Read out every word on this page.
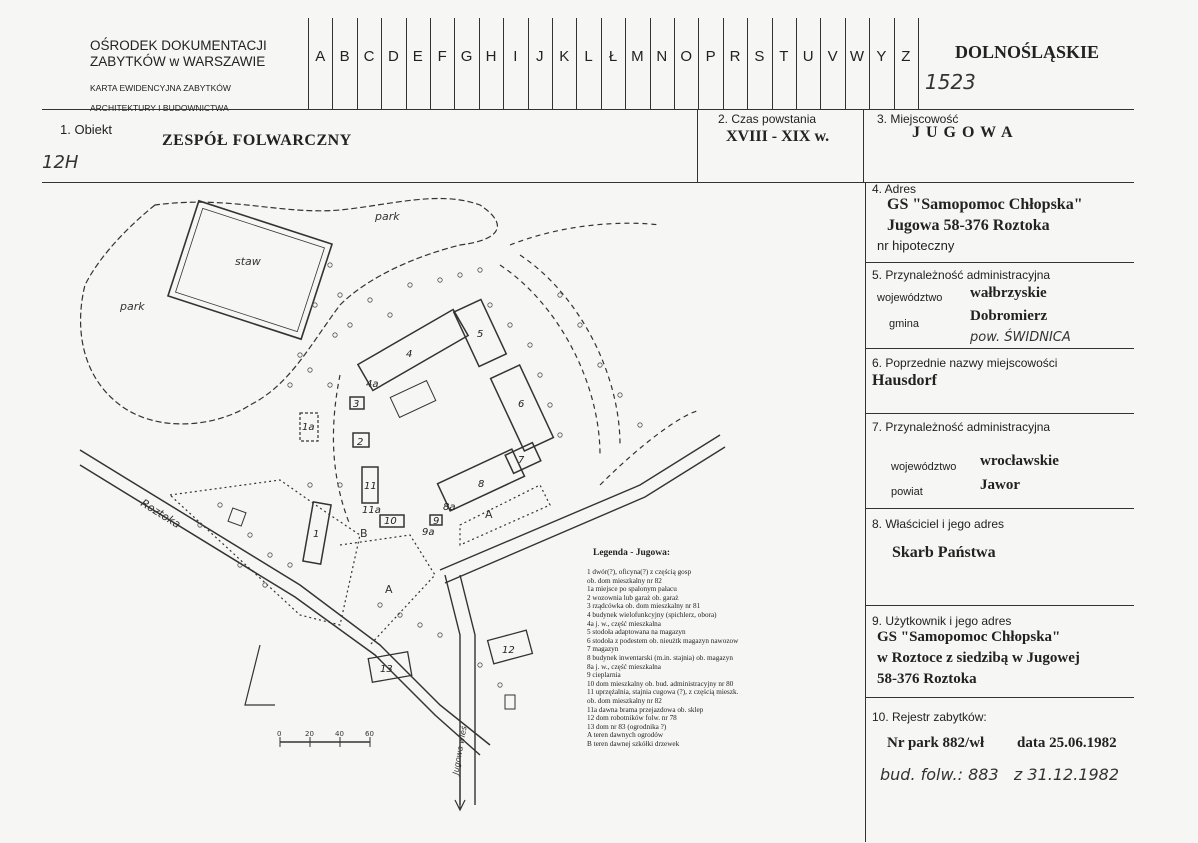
OŚRODEK DOKUMENTACJI
ZABYTKÓW w WARSZAWIE
KARTA EWIDENCYJNA ZABYTKÓW
ARCHITEKTURY I BUDOWNICTWA
A B C D E F G H	I	J	K	L	Ł M N O P R S T U V W Y Z	DOLNOŚLĄSKIE
1523
1. Obiekt
12H
ZESPÓŁ FOLWARCZNY
2. Czas powstania
XVIII - XIX w.
3. Miejscowość
J U G O W A
4. Adres
GS "Samopomoc Chłopska"
Jugowa 58-376 Roztoka
nr hipoteczny
5. Przynależność administracyjna
województwo wałbrzyskie
gmina	Dobromierz
pow. ŚWIDNICA
6. Poprzednie nazwy miejscowości
Hausdorf
7. Przynależność administracyjna
województwo wrocławskie
powiat	Jawor
8. Właściciel i jego adres
Skarb Państwa
9. Użytkownik i jego adres
GS "Samopomoc Chłopska"
w Roztoce z siedzibą w Jugowej
58-376 Roztoka
10. Rejestr zabytków:
Nr park 882/wł data 25.06.1982
bud. folw.: 883   z 31.12.1982
staw
park
park
Roztoka
Jugowa wieś
B
A
A
1
2
3
4
5
6
7
8
9
10
11
1a
4a
8a
9a
11a
12
13
0	20	40	60
Legenda - Jugowa:
1 dwór(?), oficyna(?) z częścią gosp
ob. dom mieszkalny nr 82
1a miejsce po spalonym pałacu
2 wozownia lub garaż ob. garaż
3 rządcówka ob. dom mieszkalny nr 81
4 budynek wielofunkcyjny (spichlerz, obora)
4a j. w., część mieszkalna
5 stodoła adaptowana na magazyn
6 stodoła z podestem ob. nieużtk magazyn nawozow
7 magazyn
8 budynek inwentarski (m.in. stajnia) ob. magazyn
8a j. w., część mieszkalna
9 cieplarnia
10 dom mieszkalny ob. bud. administracyjny nr 80
11 uprzężalnia, stajnia cugowa (?), z częścią mieszk.
ob. dom mieszkalny nr 82
11a dawna brama przejazdowa ob. sklep
12 dom robotników folw. nr 78
13 dom nr 83 (ogrodnika ?)
A teren dawnych ogrodów
B teren dawnej szkółki drzewek
